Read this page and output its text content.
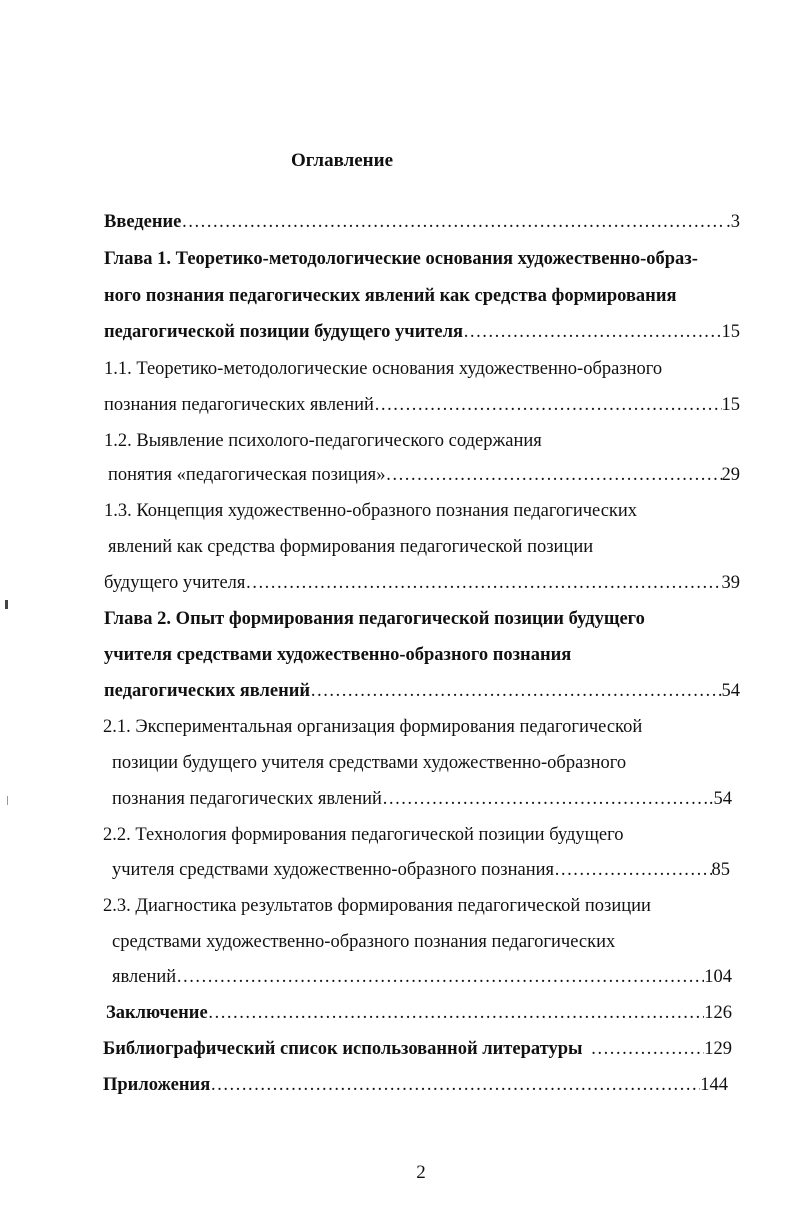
Оглавление
Введение ……………………………………………………………………………………………………………………………………	.3
Глава 1. Теоретико-методологические основания художественно-образ-
ного познания педагогических явлений как средства формирования
педагогической позиции будущего учителя ……………………………………………………………………………………………………………………………………	15
1.1. Теоретико-методологические основания художественно-образного
познания педагогических явлений ……………………………………………………………………………………………………………………………………	15
1.2. Выявление психолого-педагогического содержания
понятия «педагогическая позиция» ……………………………………………………………………………………………………………………………………	29
1.3. Концепция художественно-образного познания педагогических
явлений как средства формирования педагогической позиции
будущего учителя ……………………………………………………………………………………………………………………………………	39
Глава 2. Опыт формирования педагогической позиции будущего
учителя средствами художественно-образного познания
педагогических явлений ……………………………………………………………………………………………………………………………………	54
2.1. Экспериментальная организация формирования педагогической
позиции будущего учителя средствами художественно-образного
познания педагогических явлений ……………………………………………………………………………………………………………………………………	.54
2.2. Технология формирования педагогической позиции будущего
учителя средствами художественно-образного познания ……………………………………………………………………………………………………………………………………	85
2.3. Диагностика результатов формирования педагогической позиции
средствами художественно-образного познания педагогических
явлений ……………………………………………………………………………………………………………………………………	104
Заключение ……………………………………………………………………………………………………………………………………	126
Библиографический список использованной литературы ……………………………………………………………………………………………………………………………………	129
Приложения ……………………………………………………………………………………………………………………………………	144
2
